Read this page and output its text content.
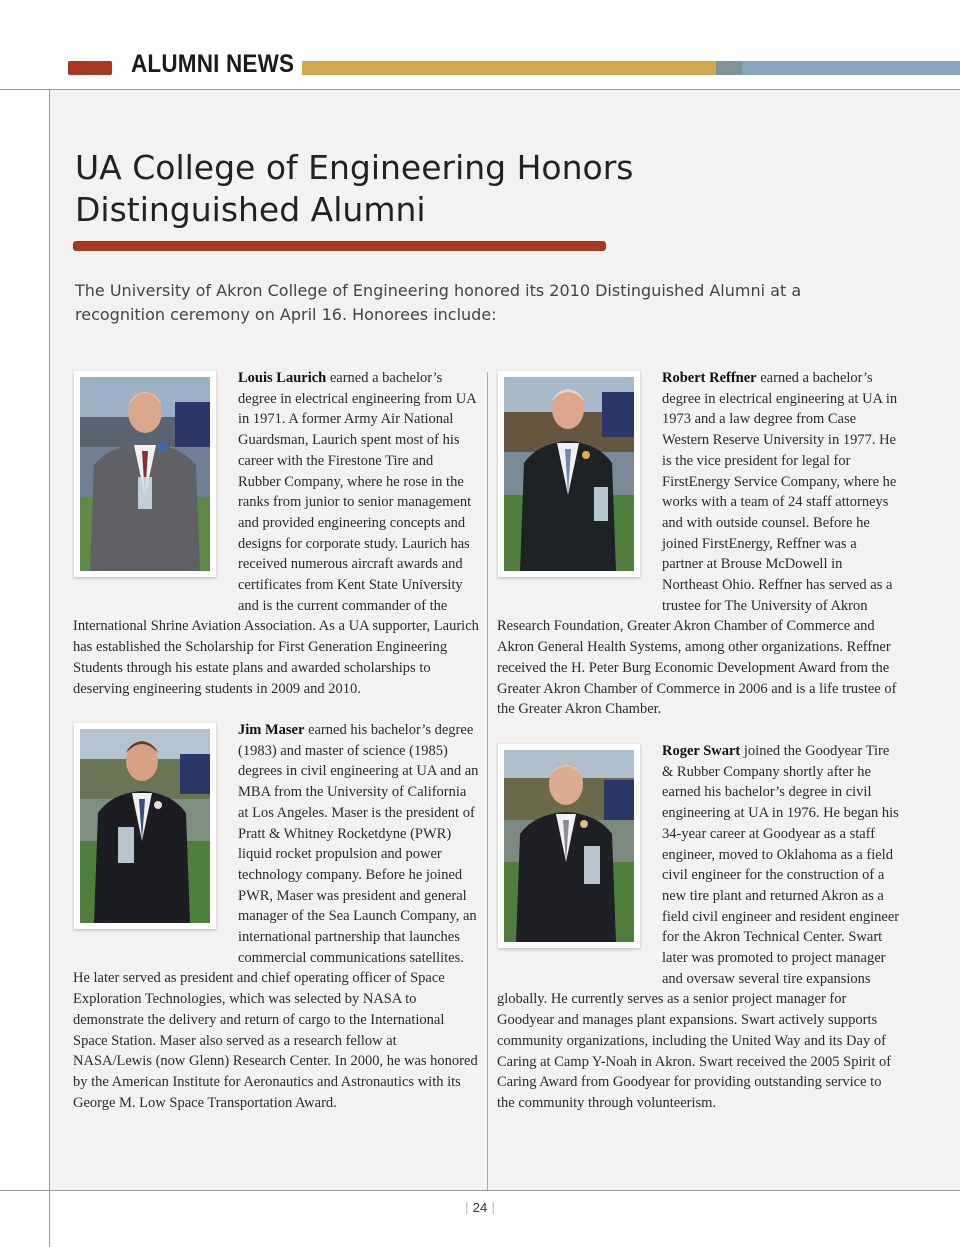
ALUMNI NEWS
UA College of Engineering Honors
Distinguished Alumni

The University of Akron College of Engineering honored its 2010 Distinguished Alumni at a recognition ceremony on April 16. Honorees include:

Louis Laurich earned a bachelor’s degree in electrical engineering from UA in 1971. A former Army Air National Guardsman, Laurich spent most of his career with the Firestone Tire and Rubber Company, where he rose in the ranks from junior to senior management and provided engineering concepts and designs for corporate study. Laurich has received numerous aircraft awards and certificates from Kent State University and is the current commander of the International Shrine Aviation Association. As a UA supporter, Laurich has established the Scholarship for First Generation Engineering Students through his estate plans and awarded scholarships to deserving engineering students in 2009 and 2010.

Robert Reffner earned a bachelor’s degree in electrical engineering at UA in 1973 and a law degree from Case Western Reserve University in 1977. He is the vice president for legal for FirstEnergy Service Company, where he works with a team of 24 staff attorneys and with outside counsel. Before he joined FirstEnergy, Reffner was a partner at Brouse McDowell in Northeast Ohio. Reffner has served as a trustee for The University of Akron Research Foundation, Greater Akron Chamber of Commerce and Akron General Health Systems, among other organizations. Reffner received the H. Peter Burg Economic Development Award from the Greater Akron Chamber of Commerce in 2006 and is a life trustee of the Greater Akron Chamber.

Jim Maser earned his bachelor’s degree (1983) and master of science (1985) degrees in civil engineering at UA and an MBA from the University of California at Los Angeles. Maser is the president of Pratt & Whitney Rocketdyne (PWR) liquid rocket propulsion and power technology company. Before he joined PWR, Maser was president and general manager of the Sea Launch Company, an international partnership that launches commercial communications satellites. He later served as president and chief operating officer of Space Exploration Technologies, which was selected by NASA to demonstrate the delivery and return of cargo to the International Space Station. Maser also served as a research fellow at NASA/Lewis (now Glenn) Research Center. In 2000, he was honored by the American Institute for Aeronautics and Astronautics with its George M. Low Space Transportation Award.

Roger Swart joined the Goodyear Tire & Rubber Company shortly after he earned his bachelor’s degree in civil engineering at UA in 1976. He began his 34-year career at Goodyear as a staff engineer, moved to Oklahoma as a field civil engineer for the construction of a new tire plant and returned Akron as a field civil engineer and resident engineer for the Akron Technical Center. Swart later was promoted to project manager and oversaw several tire expansions globally. He currently serves as a senior project manager for Goodyear and manages plant expansions. Swart actively supports community organizations, including the United Way and its Day of Caring at Camp Y-Noah in Akron. Swart received the 2005 Spirit of Caring Award from Goodyear for providing outstanding service to the community through volunteerism.

| 24 |
